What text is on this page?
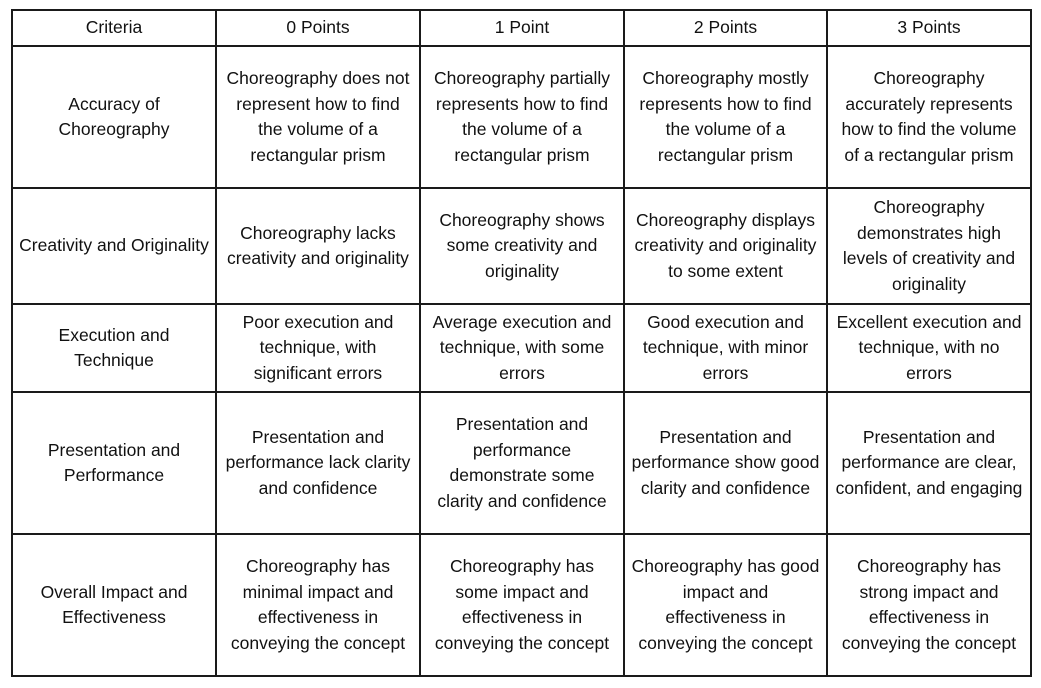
Criteria	0 Points	1 Point	2 Points	3 Points
Accuracy of Choreography	Choreography does not represent how to find the volume of a rectangular prism	Choreography partially represents how to find the volume of a rectangular prism	Choreography mostly represents how to find the volume of a rectangular prism	Choreography accurately represents how to find the volume of a rectangular prism
Creativity and Originality	Choreography lacks creativity and originality	Choreography shows some creativity and originality	Choreography displays creativity and originality to some extent	Choreography demonstrates high levels of creativity and originality
Execution and Technique	Poor execution and technique, with significant errors	Average execution and technique, with some errors	Good execution and technique, with minor errors	Excellent execution and technique, with no errors
Presentation and Performance	Presentation and performance lack clarity and confidence	Presentation and performance demonstrate some clarity and confidence	Presentation and performance show good clarity and confidence	Presentation and performance are clear, confident, and engaging
Overall Impact and Effectiveness	Choreography has minimal impact and effectiveness in conveying the concept	Choreography has some impact and effectiveness in conveying the concept	Choreography has good impact and effectiveness in conveying the concept	Choreography has strong impact and effectiveness in conveying the concept
